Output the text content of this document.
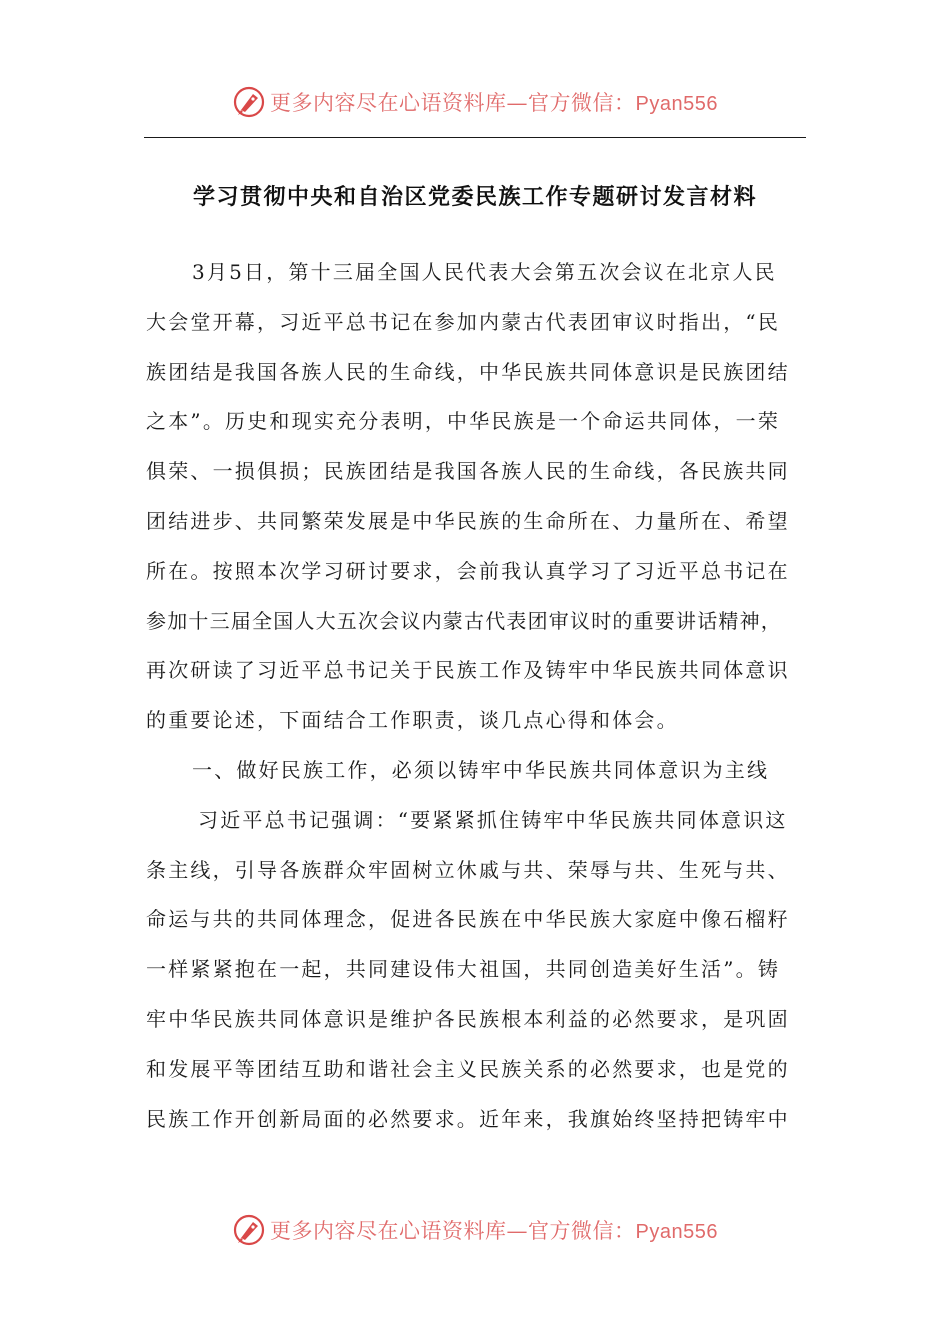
更多内容尽在心语资料库—官方微信：Pyan556
学习贯彻中央和自治区党委民族工作专题研讨发言材料
3月5日，第十三届全国人民代表大会第五次会议在北京人民
大会堂开幕，习近平总书记在参加内蒙古代表团审议时指出，“民
族团结是我国各族人民的生命线，中华民族共同体意识是民族团结
之本”。历史和现实充分表明，中华民族是一个命运共同体，一荣
俱荣、一损俱损；民族团结是我国各族人民的生命线，各民族共同
团结进步、共同繁荣发展是中华民族的生命所在、力量所在、希望
所在。按照本次学习研讨要求，会前我认真学习了习近平总书记在
参加十三届全国人大五次会议内蒙古代表团审议时的重要讲话精神，
再次研读了习近平总书记关于民族工作及铸牢中华民族共同体意识
的重要论述，下面结合工作职责，谈几点心得和体会。
一、做好民族工作，必须以铸牢中华民族共同体意识为主线
习近平总书记强调：“要紧紧抓住铸牢中华民族共同体意识这
条主线，引导各族群众牢固树立休戚与共、荣辱与共、生死与共、
命运与共的共同体理念，促进各民族在中华民族大家庭中像石榴籽
一样紧紧抱在一起，共同建设伟大祖国，共同创造美好生活”。铸
牢中华民族共同体意识是维护各民族根本利益的必然要求，是巩固
和发展平等团结互助和谐社会主义民族关系的必然要求，也是党的
民族工作开创新局面的必然要求。近年来，我旗始终坚持把铸牢中
更多内容尽在心语资料库—官方微信：Pyan556
